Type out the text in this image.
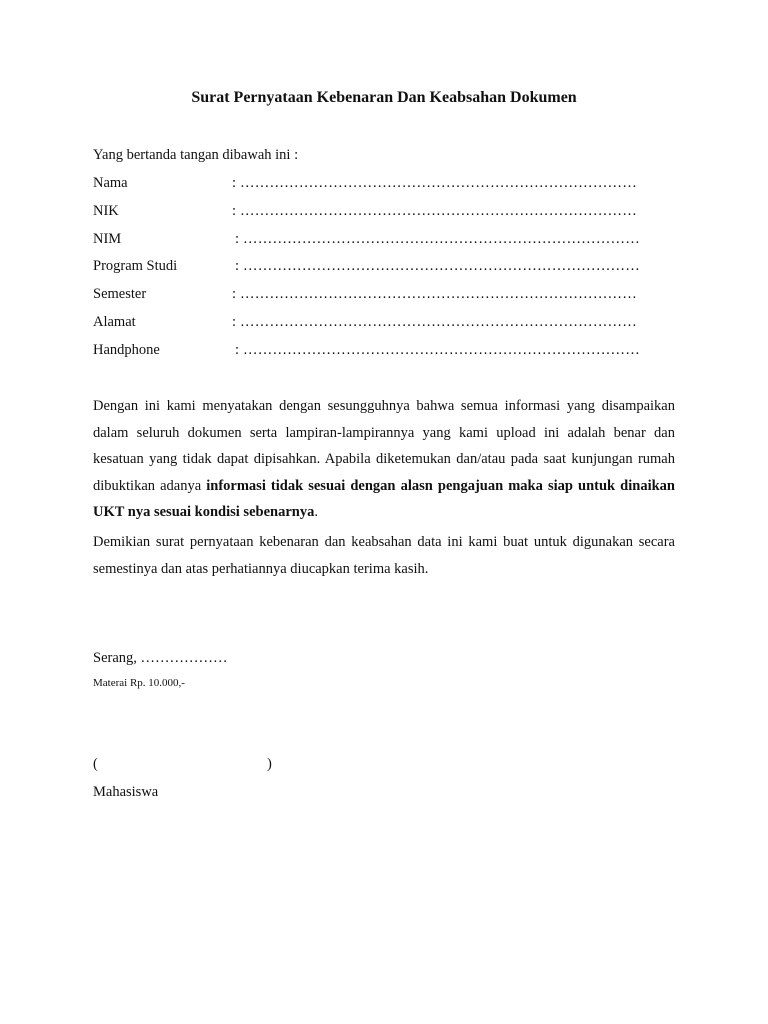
Surat Pernyataan Kebenaran Dan Keabsahan Dokumen
Yang bertanda tangan dibawah ini :
Nama	: ………………………………………………………………………
NIK	: ………………………………………………………………………
NIM	: ………………………………………………………………………
Program Studi	: ………………………………………………………………………
Semester	: ………………………………………………………………………
Alamat	: ………………………………………………………………………
Handphone	: ………………………………………………………………………
Dengan ini kami menyatakan dengan sesungguhnya bahwa semua informasi yang disampaikan dalam seluruh dokumen serta lampiran-lampirannya yang kami upload ini adalah benar dan kesatuan yang tidak dapat dipisahkan. Apabila diketemukan dan/atau pada saat kunjungan rumah dibuktikan adanya informasi tidak sesuai dengan alasn pengajuan maka siap untuk dinaikan UKT nya sesuai kondisi sebenarnya.
Demikian surat pernyataan kebenaran dan keabsahan data ini kami buat untuk digunakan secara semestinya dan atas perhatiannya diucapkan terima kasih.
Serang, ………………
Materai Rp. 10.000,-
(	)
Mahasiswa
